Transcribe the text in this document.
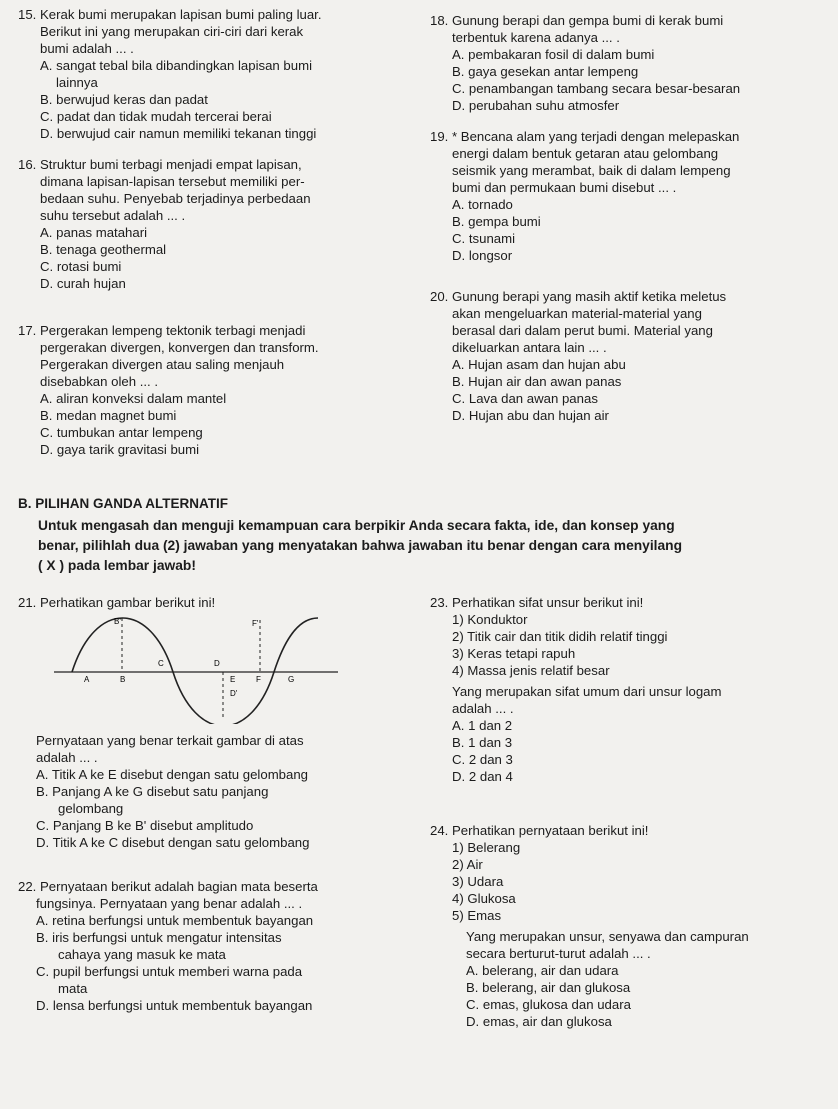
15. Kerak bumi merupakan lapisan bumi paling luar.
Berikut ini yang merupakan ciri-ciri dari kerak
bumi adalah ... .
A. sangat tebal bila dibandingkan lapisan bumi
lainnya
B. berwujud keras dan padat
C. padat dan tidak mudah tercerai berai
D. berwujud cair namun memiliki tekanan tinggi
16. Struktur bumi terbagi menjadi empat lapisan,
dimana lapisan-lapisan tersebut memiliki per-
bedaan suhu. Penyebab terjadinya perbedaan
suhu tersebut adalah ... .
A. panas matahari
B. tenaga geothermal
C. rotasi bumi
D. curah hujan
17. Pergerakan lempeng tektonik terbagi menjadi
pergerakan divergen, konvergen dan transform.
Pergerakan divergen atau saling menjauh
disebabkan oleh ... .
A. aliran konveksi dalam mantel
B. medan magnet bumi
C. tumbukan antar lempeng
D. gaya tarik gravitasi bumi
18. Gunung berapi dan gempa bumi di kerak bumi
terbentuk karena adanya ... .
A. pembakaran fosil di dalam bumi
B. gaya gesekan antar lempeng
C. penambangan tambang secara besar-besaran
D. perubahan suhu atmosfer
19. * Bencana alam yang terjadi dengan melepaskan
energi dalam bentuk getaran atau gelombang
seismik yang merambat, baik di dalam lempeng
bumi dan permukaan bumi disebut ... .
A. tornado
B. gempa bumi
C. tsunami
D. longsor
20. Gunung berapi yang masih aktif ketika meletus
akan mengeluarkan material-material yang
berasal dari dalam perut bumi. Material yang
dikeluarkan antara lain ... .
A. Hujan asam dan hujan abu
B. Hujan air dan awan panas
C. Lava dan awan panas
D. Hujan abu dan hujan air
B. PILIHAN GANDA ALTERNATIF
Untuk mengasah dan menguji kemampuan cara berpikir Anda secara fakta, ide, dan konsep yang
benar, pilihlah dua (2) jawaban yang menyatakan bahwa jawaban itu benar dengan cara menyilang
( X ) pada lembar jawab!
21. Perhatikan gambar berikut ini!
B'	F'
C	D
A	B	E	F	G
D'
Pernyataan yang benar terkait gambar di atas
adalah ... .
A. Titik A ke E disebut dengan satu gelombang
B. Panjang A ke G disebut satu panjang
gelombang
C. Panjang B ke B' disebut amplitudo
D. Titik A ke C disebut dengan satu gelombang
22. Pernyataan berikut adalah bagian mata beserta
fungsinya. Pernyataan yang benar adalah ... .
A. retina berfungsi untuk membentuk bayangan
B. iris berfungsi untuk mengatur intensitas
cahaya yang masuk ke mata
C. pupil berfungsi untuk memberi warna pada
mata
D. lensa berfungsi untuk membentuk bayangan
23. Perhatikan sifat unsur berikut ini!
1) Konduktor
2) Titik cair dan titik didih relatif tinggi
3) Keras tetapi rapuh
4) Massa jenis relatif besar
Yang merupakan sifat umum dari unsur logam
adalah ... .
A. 1 dan 2
B. 1 dan 3
C. 2 dan 3
D. 2 dan 4
24. Perhatikan pernyataan berikut ini!
1) Belerang
2) Air
3) Udara
4) Glukosa
5) Emas
Yang merupakan unsur, senyawa dan campuran
secara berturut-turut adalah ... .
A. belerang, air dan udara
B. belerang, air dan glukosa
C. emas, glukosa dan udara
D. emas, air dan glukosa
